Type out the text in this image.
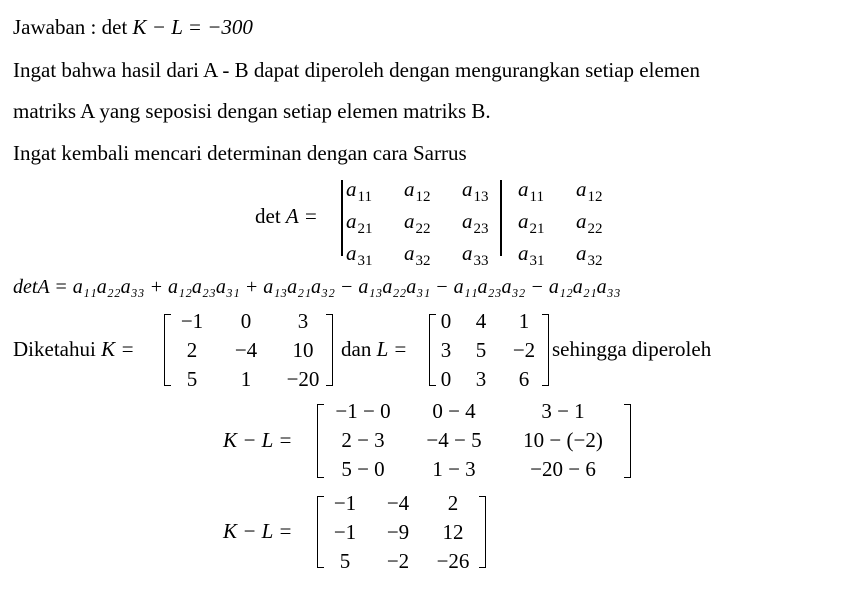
Jawaban : det K − L = −300
Ingat bahwa hasil dari A - B dapat diperoleh dengan mengurangkan setiap elemen
matriks A yang seposisi dengan setiap elemen matriks B.
Ingat kembali mencari determinan dengan cara Sarrus
det A =
$a_{11}$	$a_{12}$	$a_{13}$	$a_{11}$	$a_{12}$
$a_{21}$	$a_{22}$	$a_{23}$	$a_{21}$	$a_{22}$
$a_{31}$	$a_{32}$	$a_{33}$	$a_{31}$	$a_{32}$
detA = a₁₁a₂₂a₃₃ + a₁₂a₂₃a₃₁ + a₁₃a₂₁a₃₂ − a₁₃a₂₂a₃₁ − a₁₁a₂₃a₃₂ − a₁₂a₂₁a₃₃
Diketahui K =
−1	0	3
2	−4	10
5	1	−20
dan L =
0	4	1
3	5	−2
0	3	6
sehingga diperoleh
K − L =
−1 − 0	0 − 4	3 − 1
2 − 3	−4 − 5	10 − (−2)
5 − 0	1 − 3	−20 − 6
K − L =
−1	−4	2
−1	−9	12
5	−2	−26
